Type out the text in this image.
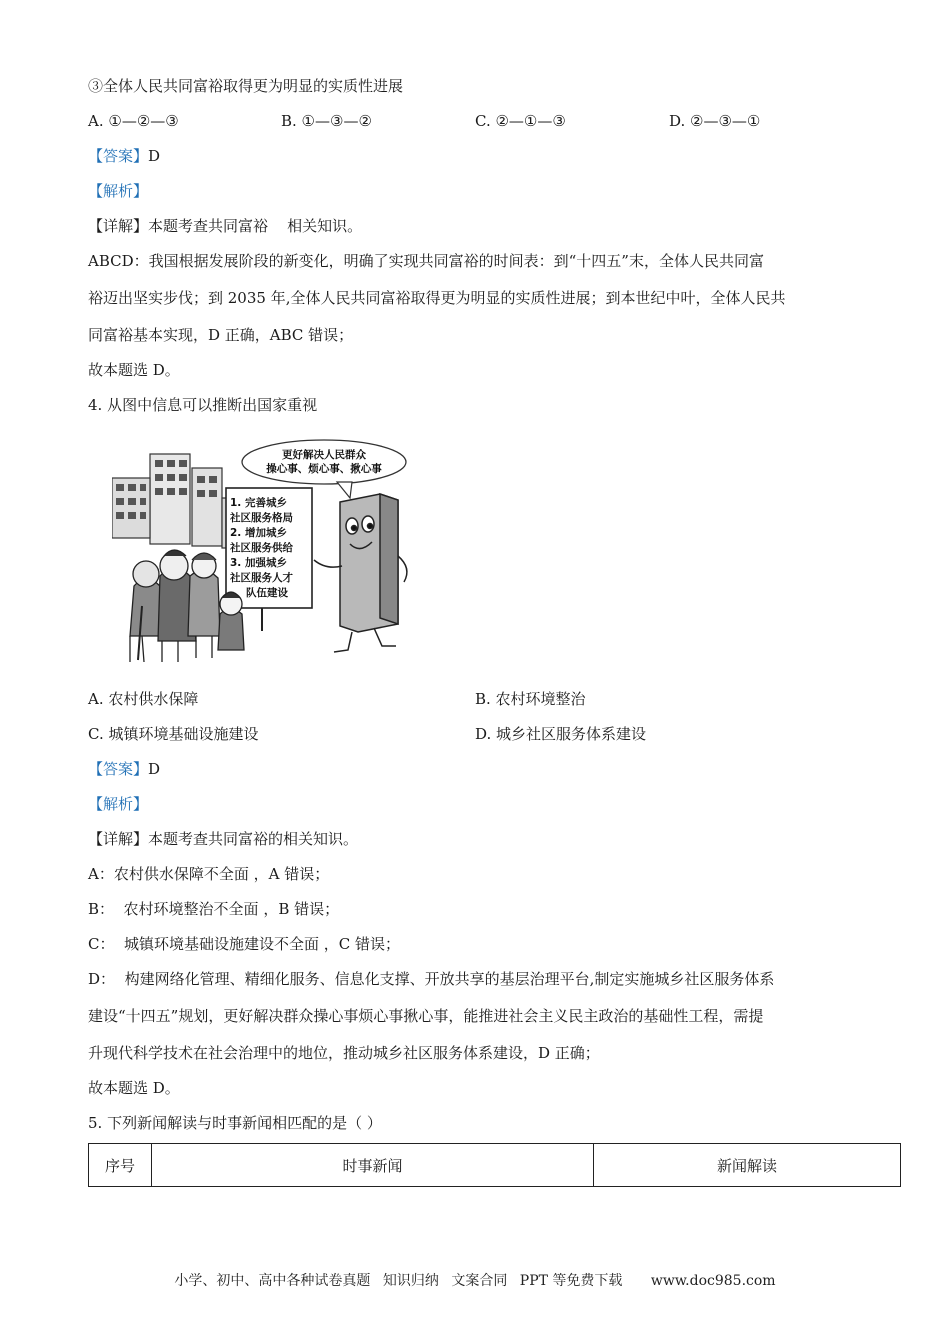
③全体人民共同富裕取得更为明显的实质性进展
A. ①—②—③	B. ①—③—②	C. ②—①—③	D. ②—③—①
【答案】D
【解析】
【详解】本题考查共同富裕    相关知识。
ABCD：我国根据发展阶段的新变化，明确了实现共同富裕的时间表：到“十四五”末，全体人民共同富
裕迈出坚实步伐；到 2035 年,全体人民共同富裕取得更为明显的实质性进展；到本世纪中叶，全体人民共
同富裕基本实现，D 正确，ABC 错误；
故本题选 D。
4. 从图中信息可以推断出国家重视
更好解决人民群众
操心事、烦心事、揪心事
1. 完善城乡
社区服务格局
2. 增加城乡
社区服务供给
3. 加强城乡
社区服务人才
队伍建设
A. 农村供水保障	B. 农村环境整治
C. 城镇环境基础设施建设	D. 城乡社区服务体系建设
【答案】D
【解析】
【详解】本题考查共同富裕的相关知识。
A：农村供水保障不全面 ，A 错误；
B：  农村环境整治不全面 ，B 错误；
C：  城镇环境基础设施建设不全面 ，C 错误；
D：  构建网络化管理、精细化服务、信息化支撑、开放共享的基层治理平台,制定实施城乡社区服务体系
建设“十四五”规划，更好解决群众操心事烦心事揪心事，能推进社会主义民主政治的基础性工程，需提
升现代科学技术在社会治理中的地位，推动城乡社区服务体系建设，D 正确；
故本题选 D。
5. 下列新闻解读与时事新闻相匹配的是（ ）
序号	时事新闻	新闻解读
小学、初中、高中各种试卷真题 知识归纳 文案合同 PPT 等免费下载 www.doc985.com
